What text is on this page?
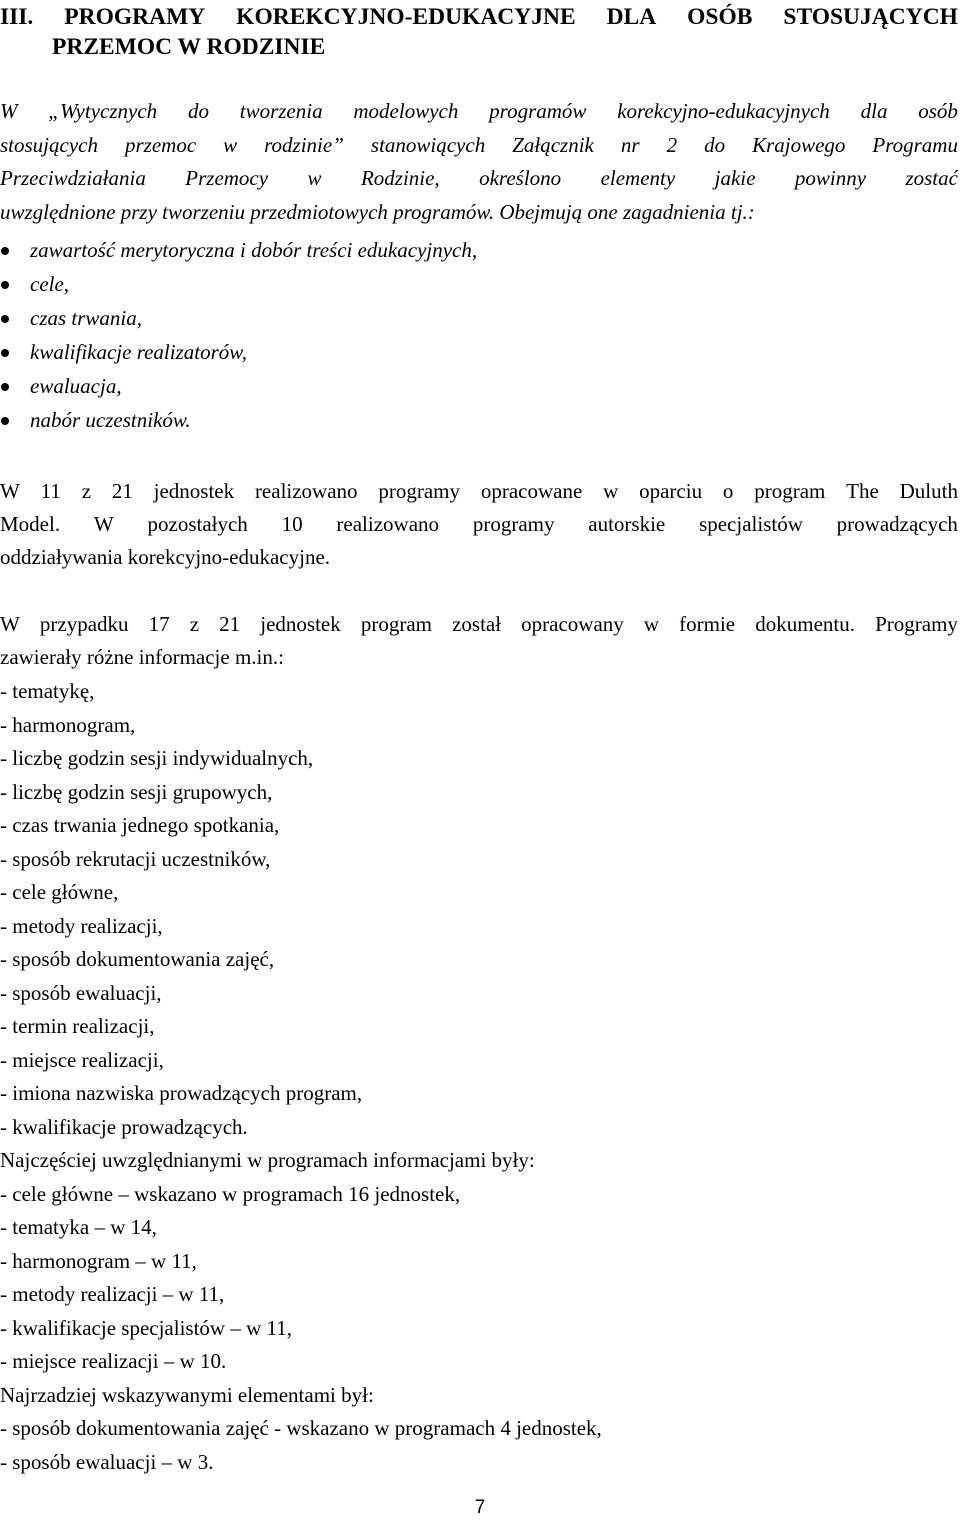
III. PROGRAMY KOREKCYJNO-EDUKACYJNE DLA OSÓB STOSUJĄCYCH
PRZEMOC W RODZINIE
W „Wytycznych do tworzenia modelowych programów korekcyjno-edukacyjnych dla osób
stosujących przemoc w rodzinie” stanowiących Załącznik nr 2 do Krajowego Programu
Przeciwdziałania Przemocy w Rodzinie, określono elementy jakie powinny zostać
uwzględnione przy tworzeniu przedmiotowych programów. Obejmują one zagadnienia tj.:
zawartość merytoryczna i dobór treści edukacyjnych,
cele,
czas trwania,
kwalifikacje realizatorów,
ewaluacja,
nabór uczestników.
W 11 z 21 jednostek realizowano programy opracowane w oparciu o program The Duluth
Model. W pozostałych 10 realizowano programy autorskie specjalistów prowadzących
oddziaływania korekcyjno-edukacyjne.
W przypadku 17 z 21 jednostek program został opracowany w formie dokumentu. Programy
zawierały różne informacje m.in.:
- tematykę,
- harmonogram,
- liczbę godzin sesji indywidualnych,
- liczbę godzin sesji grupowych,
- czas trwania jednego spotkania,
- sposób rekrutacji uczestników,
- cele główne,
- metody realizacji,
- sposób dokumentowania zajęć,
- sposób ewaluacji,
- termin realizacji,
- miejsce realizacji,
- imiona nazwiska prowadzących program,
- kwalifikacje prowadzących.
Najczęściej uwzględnianymi w programach informacjami były:
- cele główne – wskazano w programach 16 jednostek,
- tematyka – w 14,
- harmonogram – w 11,
- metody realizacji – w 11,
- kwalifikacje specjalistów – w 11,
- miejsce realizacji – w 10.
Najrzadziej wskazywanymi elementami był:
- sposób dokumentowania zajęć - wskazano w programach 4 jednostek,
- sposób ewaluacji – w 3.
7
